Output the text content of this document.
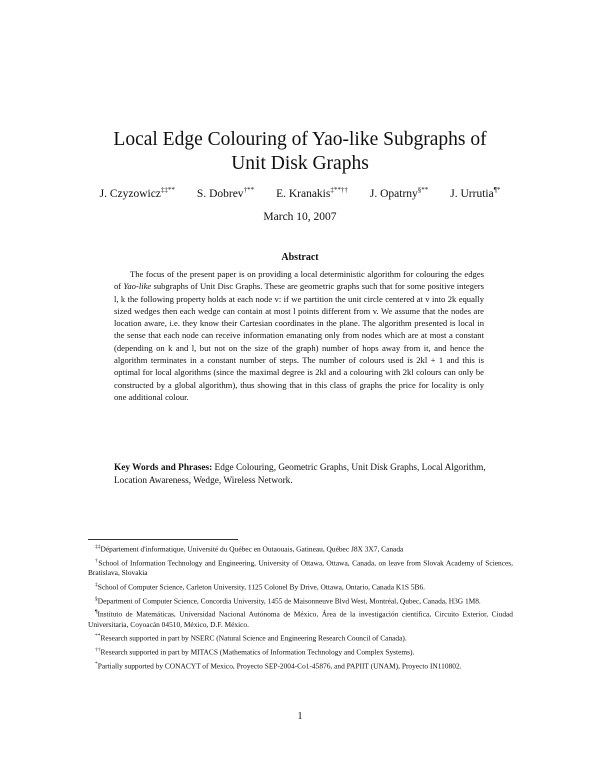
Local Edge Colouring of Yao-like Subgraphs of
Unit Disk Graphs
J. Czyzowicz‡‡** S. Dobrev†** E. Kranakis‡**†† J. Opatrny§** J. Urrutia¶*
March 10, 2007
Abstract
The focus of the present paper is on providing a local deterministic algorithm for colouring the edges of Yao-like subgraphs of Unit Disc Graphs. These are geometric graphs such that for some positive integers l, k the following property holds at each node v: if we partition the unit circle centered at v into 2k equally sized wedges then each wedge can contain at most l points different from v. We assume that the nodes are location aware, i.e. they know their Cartesian coordinates in the plane. The algorithm presented is local in the sense that each node can receive information emanating only from nodes which are at most a constant (depending on k and l, but not on the size of the graph) number of hops away from it, and hence the algorithm terminates in a constant number of steps. The number of colours used is 2kl + 1 and this is optimal for local algorithms (since the maximal degree is 2kl and a colouring with 2kl colours can only be constructed by a global algorithm), thus showing that in this class of graphs the price for locality is only one additional colour.
Key Words and Phrases: Edge Colouring, Geometric Graphs, Unit Disk Graphs, Local Algorithm, Location Awareness, Wedge, Wireless Network.
‡‡Département d'informatique, Université du Québec en Outaouais, Gatineau, Québec J8X 3X7, Canada
†School of Information Technology and Engineering, University of Ottawa, Ottawa, Canada, on leave from Slovak Academy of Sciences, Bratislava, Slovakia
‡School of Computer Science, Carleton University, 1125 Colonel By Drive, Ottawa, Ontario, Canada K1S 5B6.
§Department of Computer Science, Concordia University, 1455 de Maisonneuve Blvd West, Montréal, Qubec, Canada, H3G 1M8.
¶Instituto de Matemáticas, Universidad Nacional Autónoma de México, Área de la investigación científica, Circuito Exterior, Ciudad Universitaria, Coyoacán 04510, México, D.F. México.
**Research supported in part by NSERC (Natural Science and Engineering Research Council of Canada).
††Research supported in part by MITACS (Mathematics of Information Technology and Complex Systems).
*Partially supported by CONACYT of Mexico, Proyecto SEP-2004-Co1-45876, and PAPIIT (UNAM), Proyecto IN110802.
1
